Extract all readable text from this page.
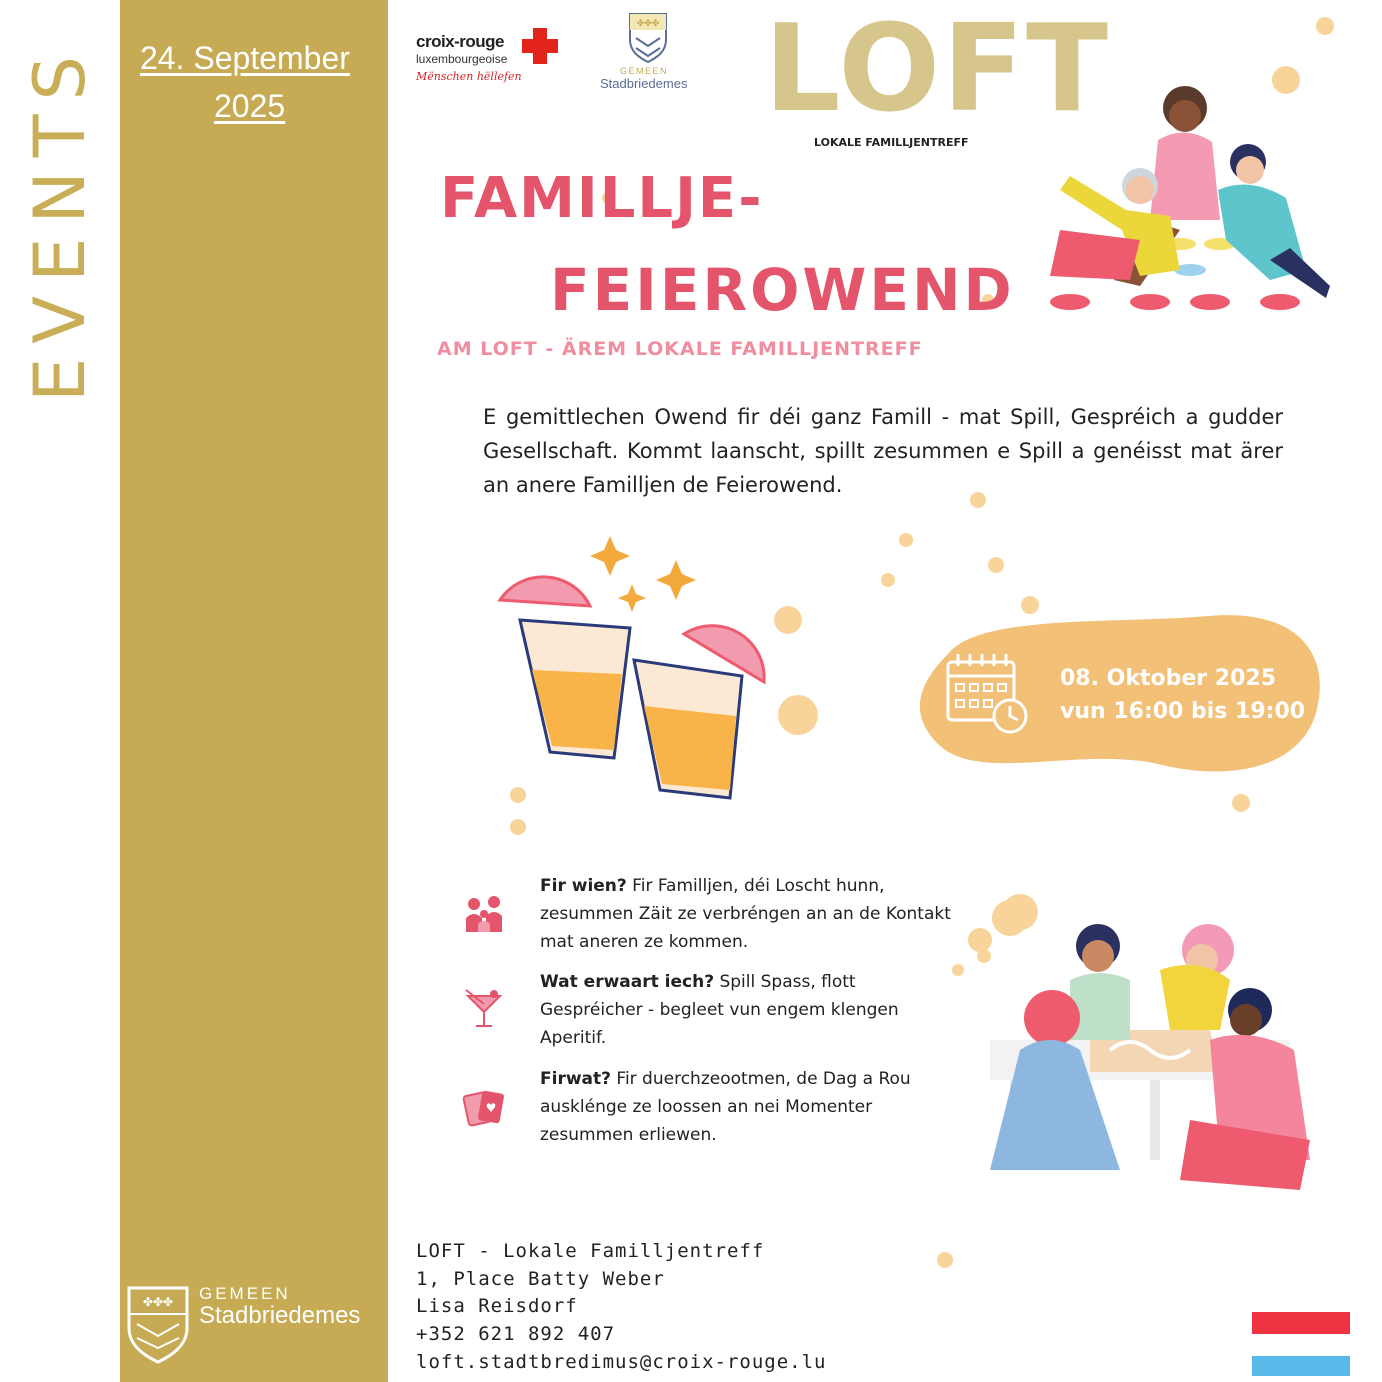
EVENTS 24. September
2025
✤✤✤ GEMEEN
Stadbriedemes
croix-rouge
luxembourgeoise
Mënschen hëllefen
✤✤✤
GEMEEN
Stadbriedemes LOFT
LOKALE FAMILLJENTREFF
FAMILLJE-
FEIEROWEND
AM LOFT - ÄREM LOKALE FAMILLJENTREFF
E gemittlechen Owend fir déi ganz Famill - mat Spill, Gespréich a gudder Gesellschaft. Kommt laanscht, spillt zesummen e Spill a genéisst mat ärer an anere Familljen de Feierowend.
08. Oktober 2025
vun 16:00 bis 19:00
♥
Fir wien? Fir Familljen, déi Loscht hunn, zesummen Zäit ze verbréngen an an de Kontakt mat aneren ze kommen.
Wat erwaart iech? Spill Spass, flott Gespréicher - begleet vun engem klengen Aperitif.
Firwat? Fir duerchzeootmen, de Dag a Rou ausklénge ze loossen an nei Momenter zesummen erliewen.
LOFT - Lokale Familljentreff
1, Place Batty Weber
Lisa Reisdorf
+352 621 892 407
loft.stadtbredimus@croix-rouge.lu
